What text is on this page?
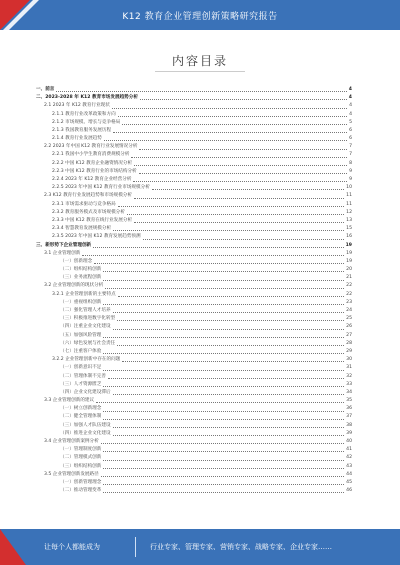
K12 教育企业管理创新策略研究报告
内容目录
一、前言	4
二、2023-2028 年 K12 教育市场发展趋势分析	4
2.1 2023 年 K12 教育行业现状	4
2.1.1 教育行业改革政策和方向	4
2.1.2 市场规模、增长与竞争格局	5
2.1.3 我国教育服务发展历程	6
2.1.4 教育行业发展趋势	6
2.2 2023 年中国 K12 教育行业发展情况分析	7
2.2.1 我国中小学生教育消费规模分析	7
2.2.2 中国 K12 教育企业融资情况分析	8
2.2.3 中国 K12 教育行业的市场结构分析	9
2.2.4 2023 年 K12 教育企业经营分析	9
2.2.5 2023 年中国 K12 教育行业市场规模分析	10
2.3 K12 教育行业发展趋势和市场规模分析	11
2.3.1 市场需求驱动与竞争格局	11
2.3.2 教育服务模式及市场规模分析	12
2.3.3 中国 K12 教育在线行业发展分析	13
2.3.4 智慧教育发展规模分析	15
2.3.5 2023 年中国 K12 教育发展趋势预测	16
三、新形势下企业管理创新	19
3.1 企业管理创新	19
（一）创新理念	19
（二）组织结构创新	20
（三）业务流程创新	21
3.2 企业管理创新的现状分析	22
3.2.1 企业管理创新的主要特点	22
（一）重视组织创新	23
（二）强化管理人才培养	24
（三）积极推进数字化转型	25
（四）注重企业文化建设	26
（五）加强风险管理	27
（六）绿色发展与社会责任	28
（七）注重客户体验	29
3.2.2 企业管理创新中存在的问题	30
（一）创新意识不足	31
（二）管理体制不完善	32
（三）人才资源匮乏	33
（四）企业文化建设滞后	34
3.3 企业管理创新的建议	35
（一）树立创新理念	36
（二）健全管理体制	37
（三）加强人才队伍建设	38
（四）推进企业文化建设	39
3.4 企业管理创新案例分析	40
（一）管理制度创新	41
（二）管理模式创新	42
（三）组织结构创新	43
3.5 企业管理创新发展路径	44
（一）创新管理理念	45
（二）推动管理变革	46
让每个人都能成为	行业专家、管理专家、营销专家、战略专家、企业专家……
